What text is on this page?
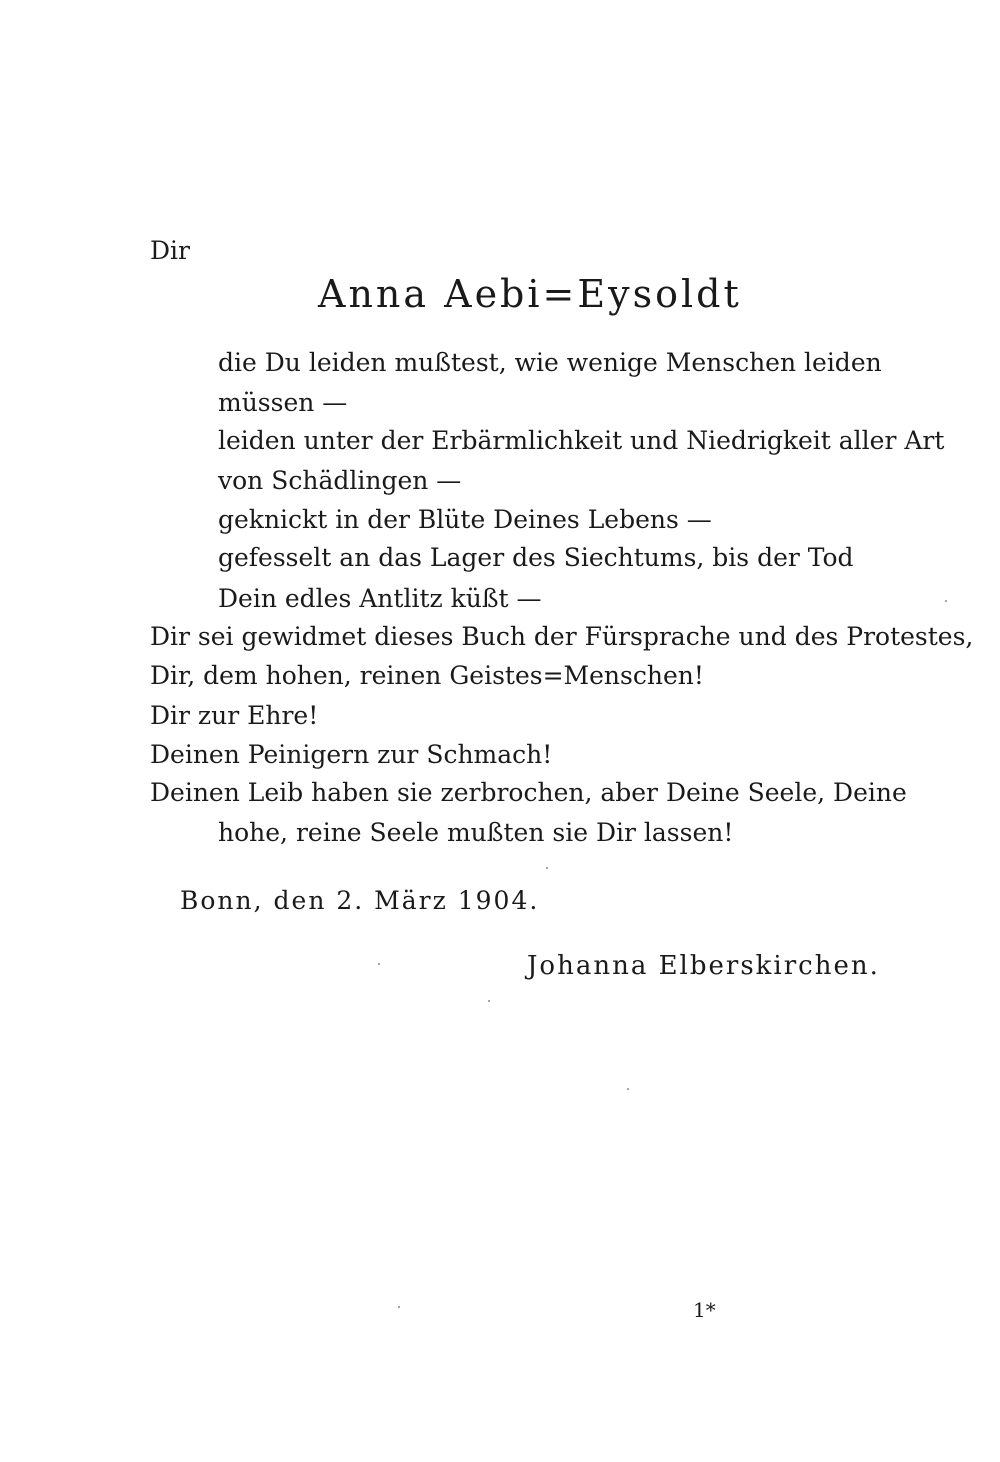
Dir
Anna Aebi=Eysoldt
die Du leiden mußtest, wie wenige Menschen leiden
müssen —
leiden unter der Erbärmlichkeit und Niedrigkeit aller Art
von Schädlingen —
geknickt in der Blüte Deines Lebens —
gefesselt an das Lager des Siechtums, bis der Tod
Dein edles Antlitz küßt —
Dir sei gewidmet dieses Buch der Fürsprache und des Protestes,
Dir, dem hohen, reinen Geistes=Menschen!
Dir zur Ehre!
Deinen Peinigern zur Schmach!
Deinen Leib haben sie zerbrochen, aber Deine Seele, Deine
hohe, reine Seele mußten sie Dir lassen!
Bonn, den 2. März 1904.
Johanna Elberskirchen.
1*
